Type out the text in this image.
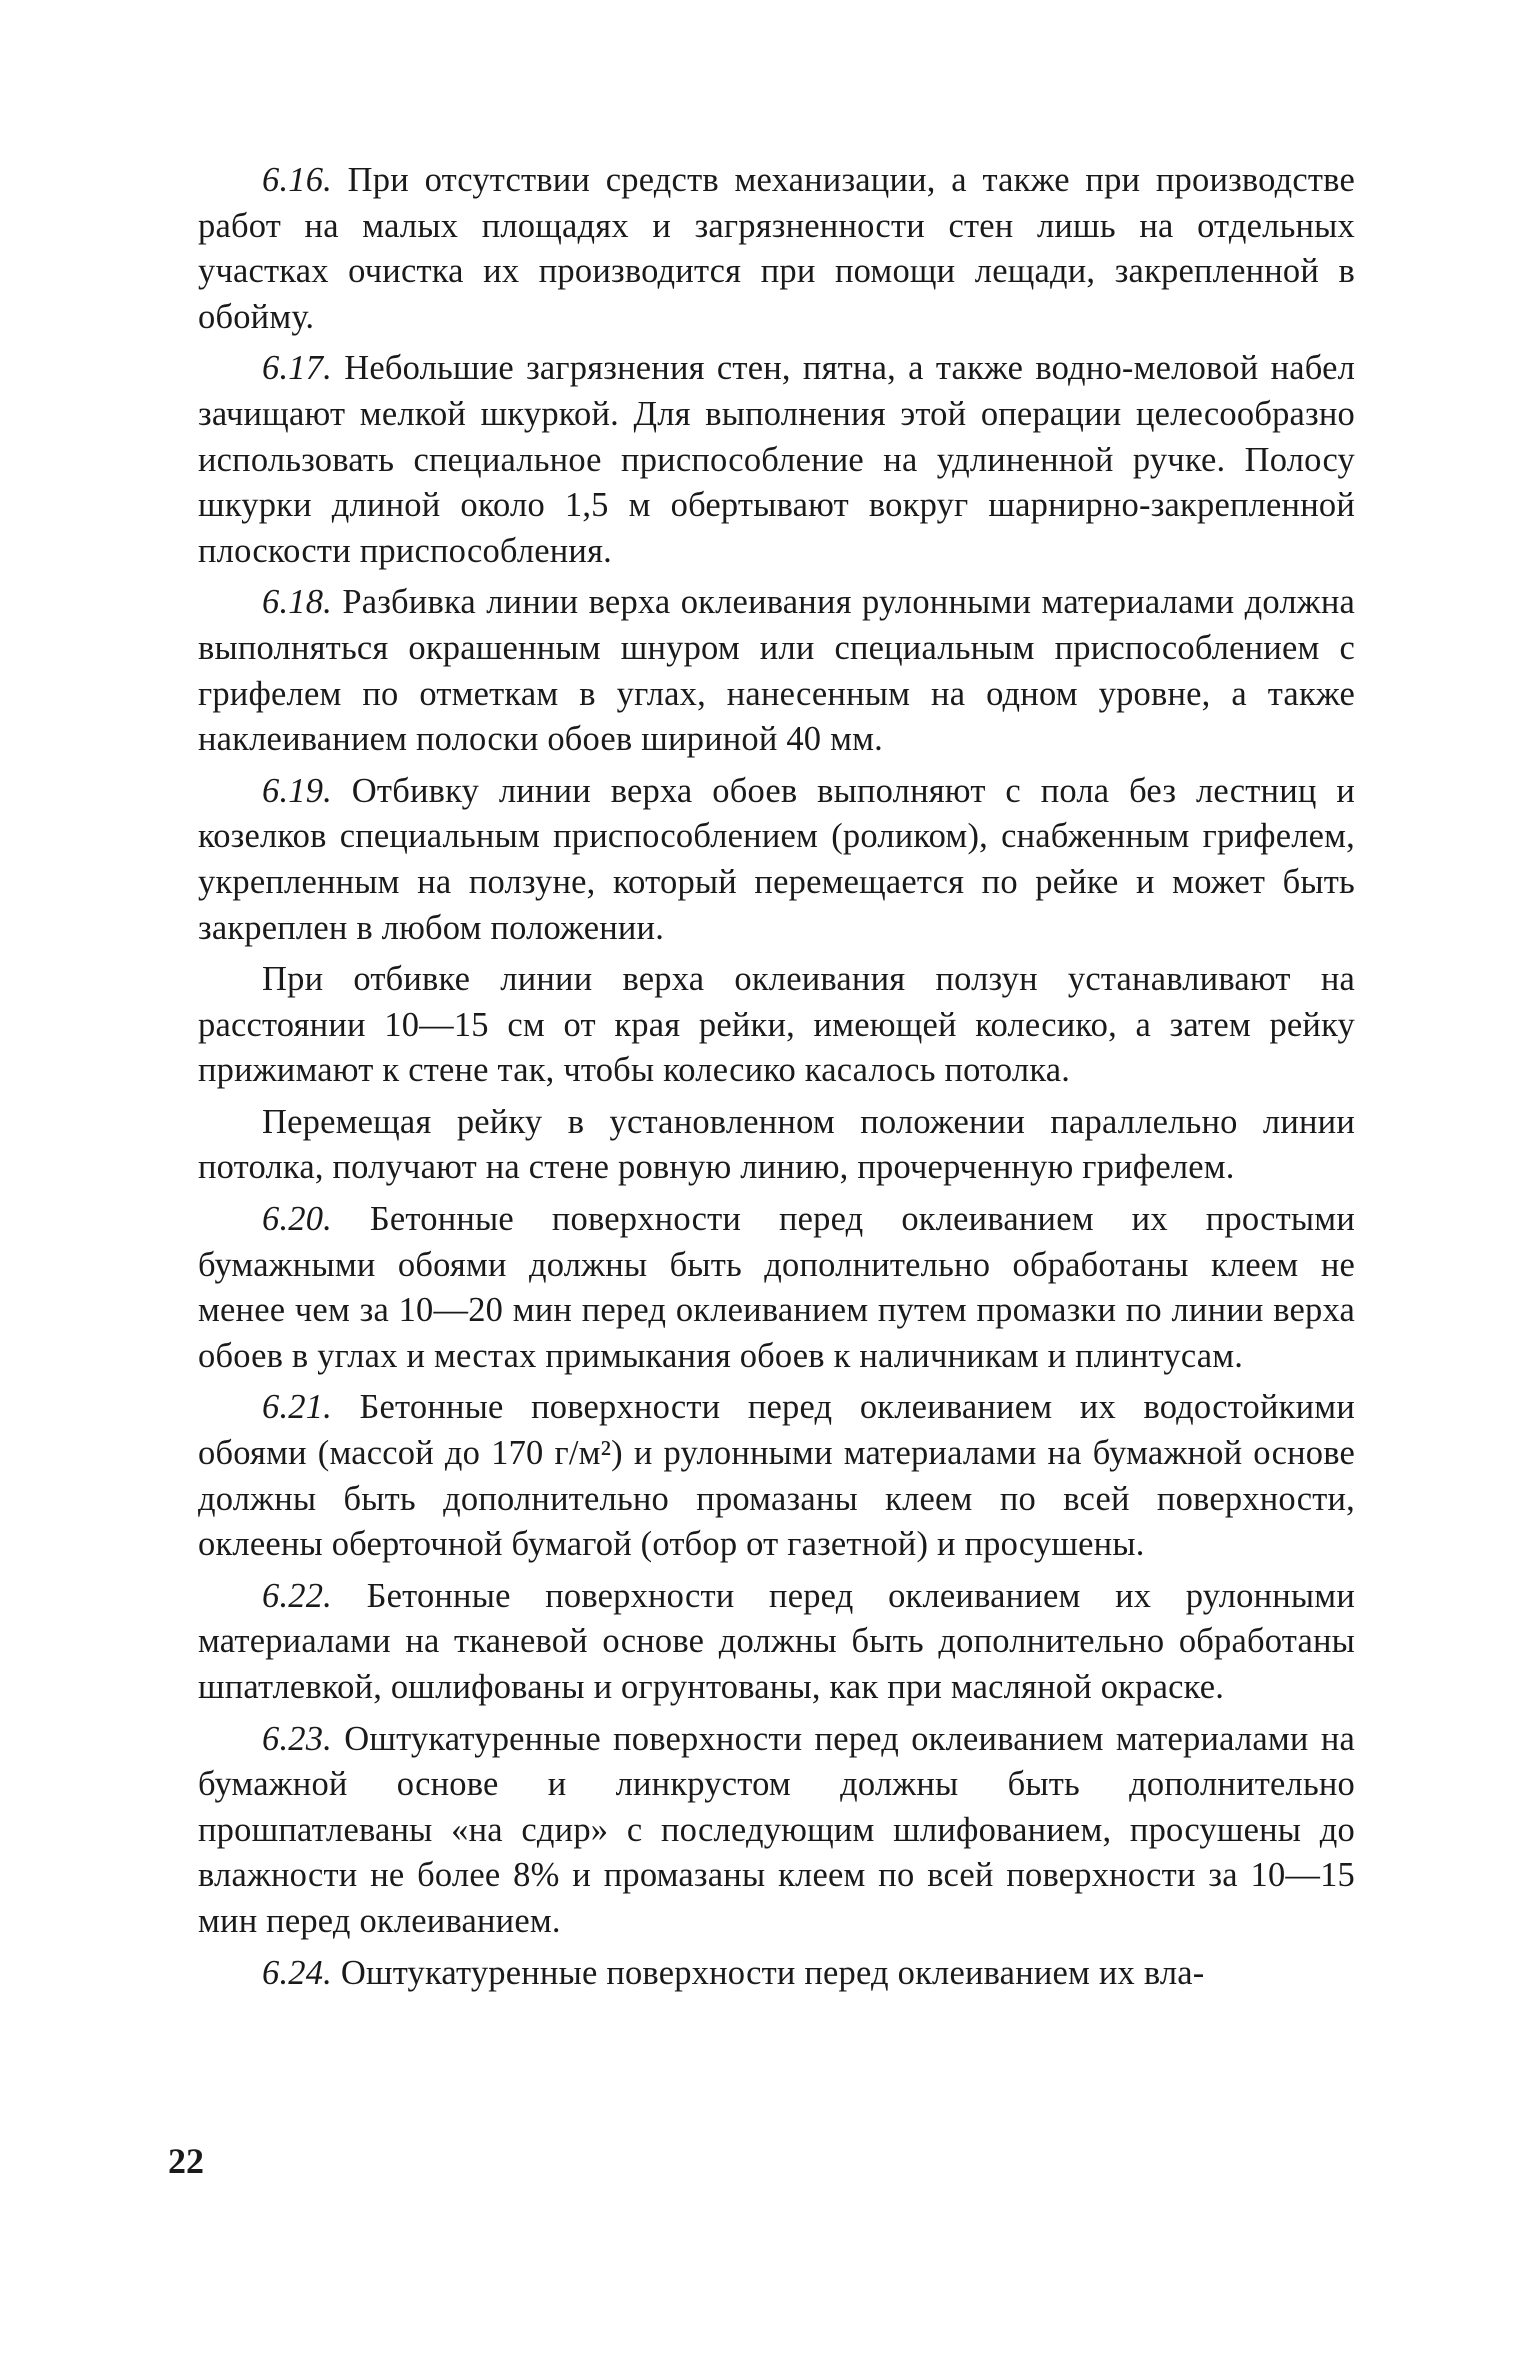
6.16. При отсутствии средств механизации, а также при производстве работ на малых площадях и загрязненности стен лишь на отдельных участках очистка их производится при помощи лещади, закрепленной в обойму.

6.17. Небольшие загрязнения стен, пятна, а также водно-меловой набел зачищают мелкой шкуркой. Для выполнения этой операции целесообразно использовать специальное приспособление на удлиненной ручке. Полосу шкурки длиной около 1,5 м обертывают вокруг шарнирно-закрепленной плоскости приспособления.

6.18. Разбивка линии верха оклеивания рулонными материалами должна выполняться окрашенным шнуром или специальным приспособлением с грифелем по отметкам в углах, нанесенным на одном уровне, а также наклеиванием полоски обоев шириной 40 мм.

6.19. Отбивку линии верха обоев выполняют с пола без лестниц и козелков специальным приспособлением (роликом), снабженным грифелем, укрепленным на ползуне, который перемещается по рейке и может быть закреплен в любом положении.

При отбивке линии верха оклеивания ползун устанавливают на расстоянии 10—15 см от края рейки, имеющей колесико, а затем рейку прижимают к стене так, чтобы колесико касалось потолка.

Перемещая рейку в установленном положении параллельно линии потолка, получают на стене ровную линию, прочерченную грифелем.

6.20. Бетонные поверхности перед оклеиванием их простыми бумажными обоями должны быть дополнительно обработаны клеем не менее чем за 10—20 мин перед оклеиванием путем промазки по линии верха обоев в углах и местах примыкания обоев к наличникам и плинтусам.

6.21. Бетонные поверхности перед оклеиванием их водостойкими обоями (массой до 170 г/м²) и рулонными материалами на бумажной основе должны быть дополнительно промазаны клеем по всей поверхности, оклеены оберточной бумагой (отбор от газетной) и просушены.

6.22. Бетонные поверхности перед оклеиванием их рулонными материалами на тканевой основе должны быть дополнительно обработаны шпатлевкой, ошлифованы и огрунтованы, как при масляной окраске.

6.23. Оштукатуренные поверхности перед оклеиванием материалами на бумажной основе и линкрустом должны быть дополнительно прошпатлеваны «на сдир» с последующим шлифованием, просушены до влажности не более 8% и промазаны клеем по всей поверхности за 10—15 мин перед оклеиванием.

6.24. Оштукатуренные поверхности перед оклеиванием их вла-

22
